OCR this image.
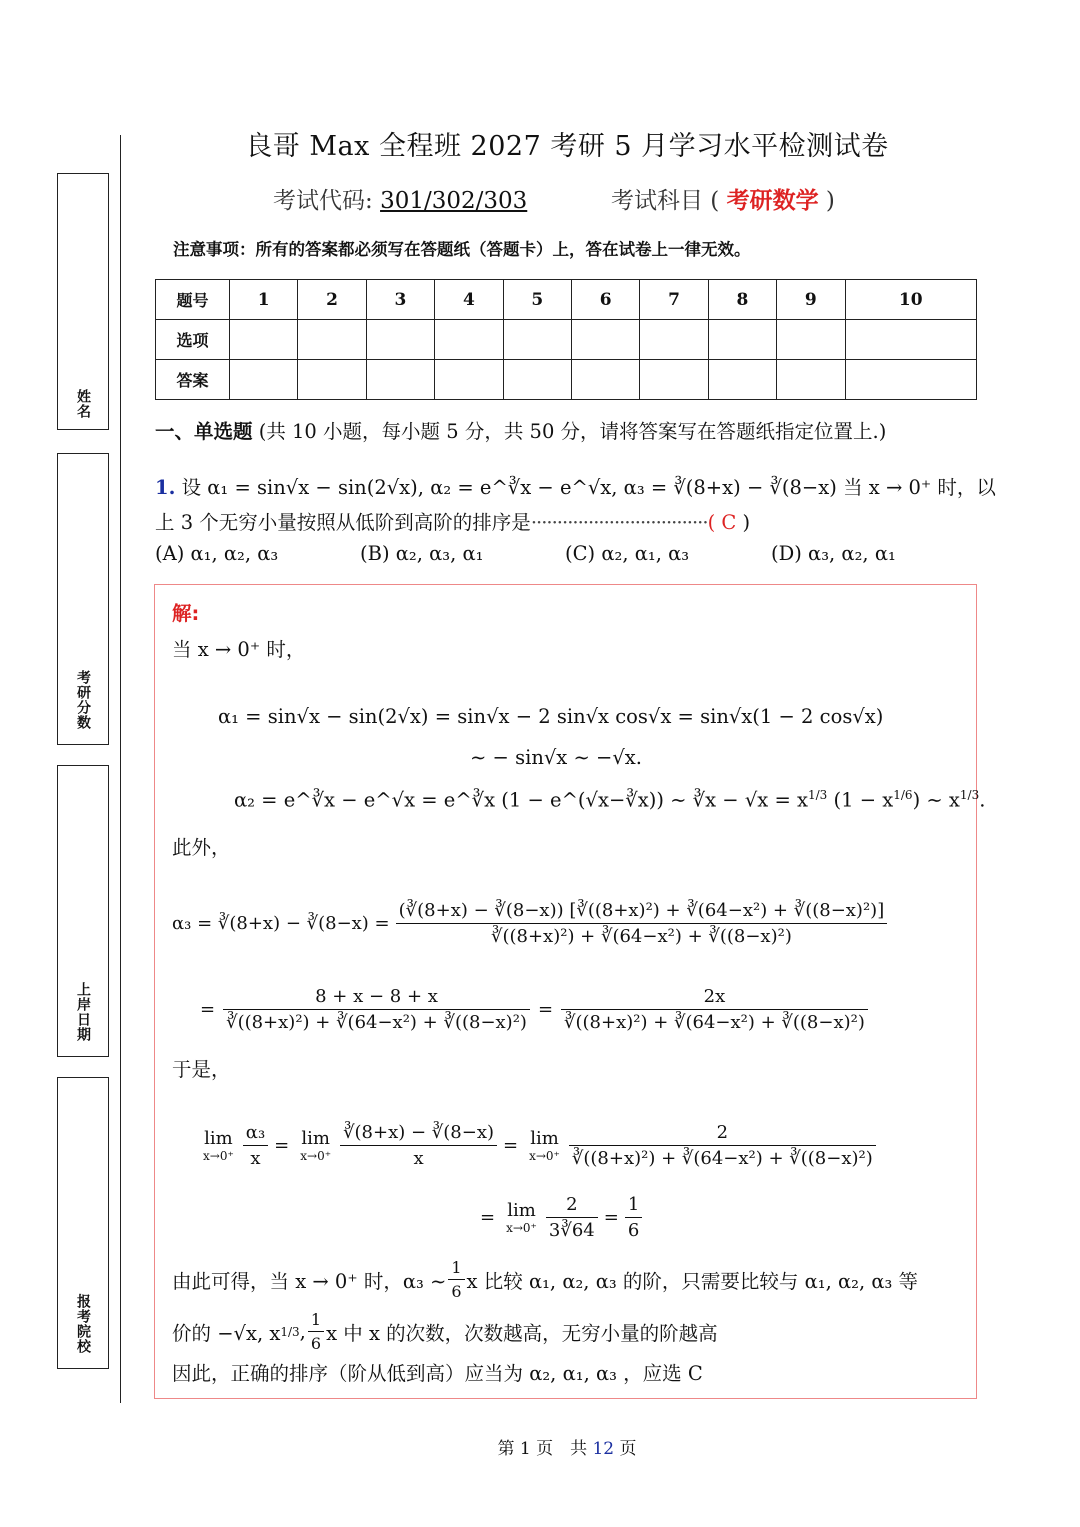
姓名
考研分数
上岸日期
报考院校
良哥 Max 全程班 2027 考研 5 月学习水平检测试卷
考试代码: 301/302/303	考试科目 ( 考研数学 )
注意事项：所有的答案都必须写在答题纸（答题卡）上，答在试卷上一律无效。
题号	1	2	3	4	5	6	7	8	9	10
选项										
答案										
一、单选题 (共 10 小题，每小题 5 分，共 50 分，请将答案写在答题纸指定位置上.)
1. 设 α₁ = sin√x − sin(2√x), α₂ = e^∛x − e^√x, α₃ = ∛(8+x) − ∛(8−x) 当 x → 0⁺ 时，以
上 3 个无穷小量按照从低阶到高阶的排序是··································( C )
(A) α₁, α₂, α₃	(B) α₂, α₃, α₁	(C) α₂, α₁, α₃	(D) α₃, α₂, α₁
解:
当 x → 0⁺ 时，
α₁ = sin√x − sin(2√x) = sin√x − 2 sin√x cos√x = sin√x(1 − 2 cos√x)
∼ − sin√x ∼ −√x.
α₂ = e^∛x − e^√x = e^∛x (1 − e^(√x−∛x)) ∼ ∛x − $√x = x^{1/3}$ $(1 - x^{1/6})$ ∼ $x^{1/3}$.
此外，
α₃ = ∛(8+x) − ∛(8−x) = $\frac{\text{(∛(8+x) − ∛(8−x)) [∛((8+x)²) + ∛(64−x²) + ∛((8−x)²)]}}{\text{∛((8+x)²) + ∛(64−x²) + ∛((8−x)²)}}$
= $\frac{8 + x - 8 + x}{\text{∛((8+x)²) + ∛(64−x²) + ∛((8−x)²)}} = \frac{2x}{\text{∛((8+x)²) + ∛(64−x²) + ∛((8−x)²)}}$
于是，
lim
$x\to 0^+ \frac{\text{α₃}}{x} = \lim$
$x\to 0^+ \frac{∛(8+x) - ∛(8-x)}{x} = \lim$
$x\to 0^+ \frac{2}{\text{∛((8+x)²) + ∛(64−x²) + ∛((8−x)²)}}$
= lim
$x\to 0^+ \frac{2}{3∛64} = \frac{1}{6}$
由此可得，当 x → 0⁺ 时，α₃ ∼ $\frac{1}{6}$ x 比较 α₁, α₂, α₃ 的阶，只需要比较与 α₁, α₂, α₃ 等
价的 −√x, x 1/3 , $\frac{1}{6}$ x 中 x 的次数，次数越高，无穷小量的阶越高
因此，正确的排序（阶从低到高）应当为 α₂, α₁, α₃ ，应选 C
第 1 页　共 12 页
